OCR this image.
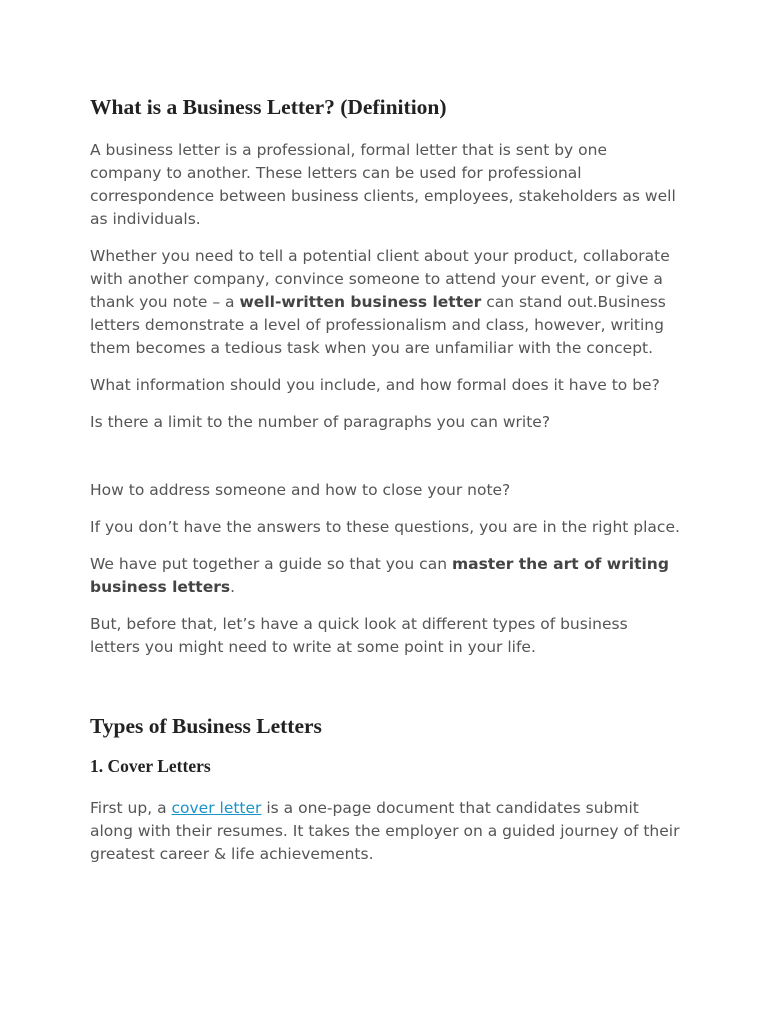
What is a Business Letter? (Definition)

A business letter is a professional, formal letter that is sent by one company to another. These letters can be used for professional correspondence between business clients, employees, stakeholders as well as individuals.

Whether you need to tell a potential client about your product, collaborate with another company, convince someone to attend your event, or give a thank you note – a well-written business letter can stand out.Business letters demonstrate a level of professionalism and class, however, writing them becomes a tedious task when you are unfamiliar with the concept.

What information should you include, and how formal does it have to be?

Is there a limit to the number of paragraphs you can write?

How to address someone and how to close your note?

If you don’t have the answers to these questions, you are in the right place.

We have put together a guide so that you can master the art of writing business letters.

But, before that, let’s have a quick look at different types of business letters you might need to write at some point in your life.

Types of Business Letters
1. Cover Letters

First up, a cover letter is a one-page document that candidates submit along with their resumes. It takes the employer on a guided journey of their greatest career & life achievements.
